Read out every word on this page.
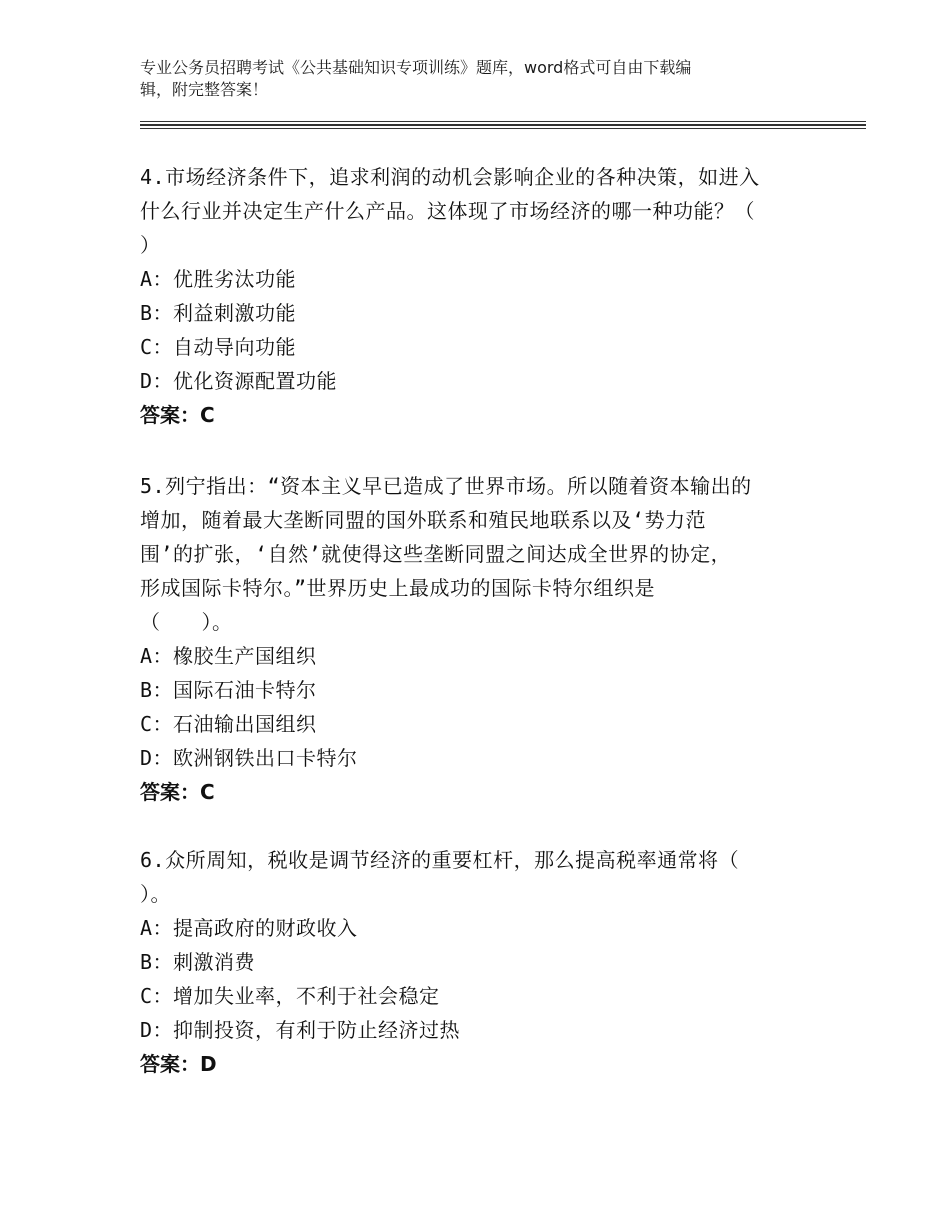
专业公务员招聘考试《公共基础知识专项训练》题库，word格式可自由下载编
辑，附完整答案！
4.市场经济条件下，追求利润的动机会影响企业的各种决策，如进入
什么行业并决定生产什么产品。这体现了市场经济的哪一种功能？（
）
A：优胜劣汰功能
B：利益刺激功能
C：自动导向功能
D：优化资源配置功能
答案：C
5.列宁指出：“资本主义早已造成了世界市场。所以随着资本输出的
增加，随着最大垄断同盟的国外联系和殖民地联系以及‘势力范
围’的扩张，‘自然’就使得这些垄断同盟之间达成全世界的协定，
形成国际卡特尔。”世界历史上最成功的国际卡特尔组织是
（　　）。
A：橡胶生产国组织
B：国际石油卡特尔
C：石油输出国组织
D：欧洲钢铁出口卡特尔
答案：C
6.众所周知，税收是调节经济的重要杠杆，那么提高税率通常将（
）。
A：提高政府的财政收入
B：刺激消费
C：增加失业率，不利于社会稳定
D：抑制投资，有利于防止经济过热
答案：D
